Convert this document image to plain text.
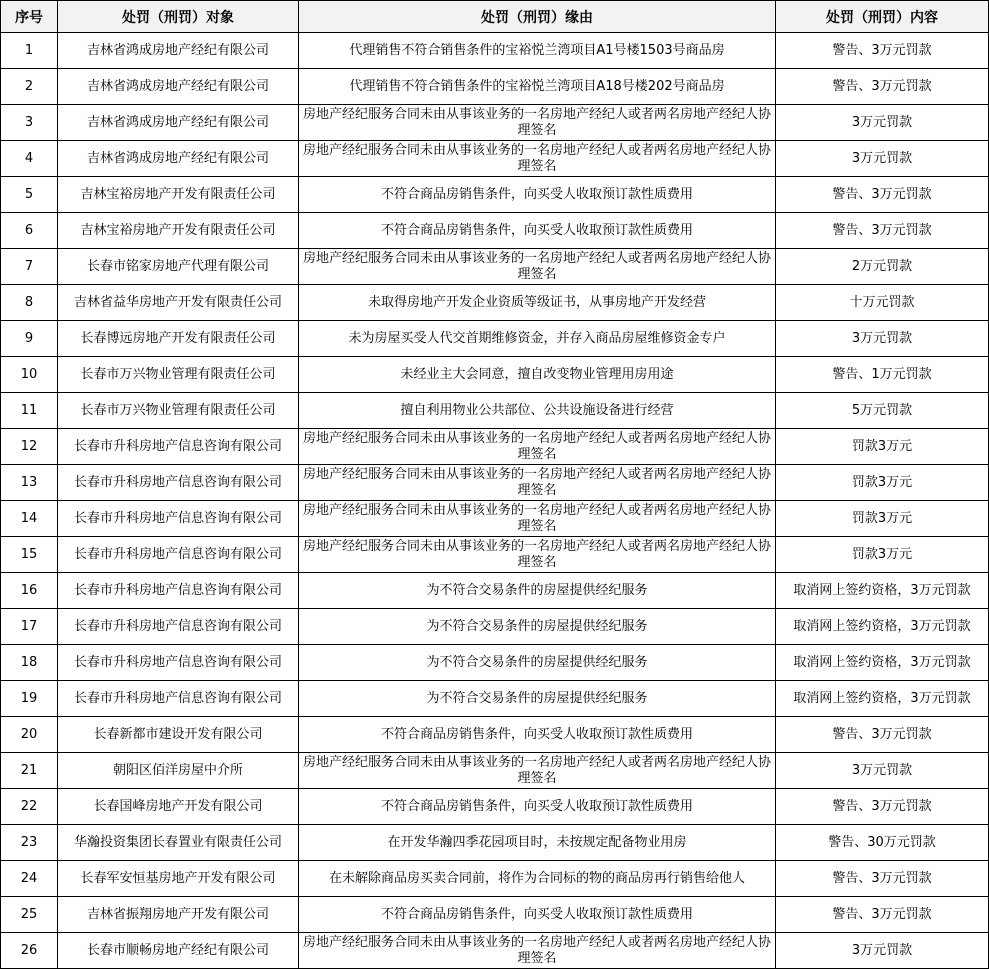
序号	处罚（刑罚）对象	处罚（刑罚）缘由	处罚（刑罚）内容
1	吉林省鸿成房地产经纪有限公司	代理销售不符合销售条件的宝裕悦兰湾项目A1号楼1503号商品房	警告、3万元罚款
2	吉林省鸿成房地产经纪有限公司	代理销售不符合销售条件的宝裕悦兰湾项目A18号楼202号商品房	警告、3万元罚款
3	吉林省鸿成房地产经纪有限公司	房地产经纪服务合同未由从事该业务的一名房地产经纪人或者两名房地产经纪人协理签名	3万元罚款
4	吉林省鸿成房地产经纪有限公司	房地产经纪服务合同未由从事该业务的一名房地产经纪人或者两名房地产经纪人协理签名	3万元罚款
5	吉林宝裕房地产开发有限责任公司	不符合商品房销售条件，向买受人收取预订款性质费用	警告、3万元罚款
6	吉林宝裕房地产开发有限责任公司	不符合商品房销售条件，向买受人收取预订款性质费用	警告、3万元罚款
7	长春市铭家房地产代理有限公司	房地产经纪服务合同未由从事该业务的一名房地产经纪人或者两名房地产经纪人协理签名	2万元罚款
8	吉林省益华房地产开发有限责任公司	未取得房地产开发企业资质等级证书，从事房地产开发经营	十万元罚款
9	长春博远房地产开发有限责任公司	未为房屋买受人代交首期维修资金，并存入商品房屋维修资金专户	3万元罚款
10	长春市万兴物业管理有限责任公司	未经业主大会同意，擅自改变物业管理用房用途	警告、1万元罚款
11	长春市万兴物业管理有限责任公司	擅自利用物业公共部位、公共设施设备进行经营	5万元罚款
12	长春市升科房地产信息咨询有限公司	房地产经纪服务合同未由从事该业务的一名房地产经纪人或者两名房地产经纪人协理签名	罚款3万元
13	长春市升科房地产信息咨询有限公司	房地产经纪服务合同未由从事该业务的一名房地产经纪人或者两名房地产经纪人协理签名	罚款3万元
14	长春市升科房地产信息咨询有限公司	房地产经纪服务合同未由从事该业务的一名房地产经纪人或者两名房地产经纪人协理签名	罚款3万元
15	长春市升科房地产信息咨询有限公司	房地产经纪服务合同未由从事该业务的一名房地产经纪人或者两名房地产经纪人协理签名	罚款3万元
16	长春市升科房地产信息咨询有限公司	为不符合交易条件的房屋提供经纪服务	取消网上签约资格，3万元罚款
17	长春市升科房地产信息咨询有限公司	为不符合交易条件的房屋提供经纪服务	取消网上签约资格，3万元罚款
18	长春市升科房地产信息咨询有限公司	为不符合交易条件的房屋提供经纪服务	取消网上签约资格，3万元罚款
19	长春市升科房地产信息咨询有限公司	为不符合交易条件的房屋提供经纪服务	取消网上签约资格，3万元罚款
20	长春新都市建设开发有限公司	不符合商品房销售条件，向买受人收取预订款性质费用	警告、3万元罚款
21	朝阳区佰洋房屋中介所	房地产经纪服务合同未由从事该业务的一名房地产经纪人或者两名房地产经纪人协理签名	3万元罚款
22	长春国峰房地产开发有限公司	不符合商品房销售条件，向买受人收取预订款性质费用	警告、3万元罚款
23	华瀚投资集团长春置业有限责任公司	在开发华瀚四季花园项目时，未按规定配备物业用房	警告、30万元罚款
24	长春军安恒基房地产开发有限公司	在未解除商品房买卖合同前，将作为合同标的物的商品房再行销售给他人	警告、3万元罚款
25	吉林省振翔房地产开发有限公司	不符合商品房销售条件，向买受人收取预订款性质费用	警告、3万元罚款
26	长春市顺畅房地产经纪有限公司	房地产经纪服务合同未由从事该业务的一名房地产经纪人或者两名房地产经纪人协理签名	3万元罚款
